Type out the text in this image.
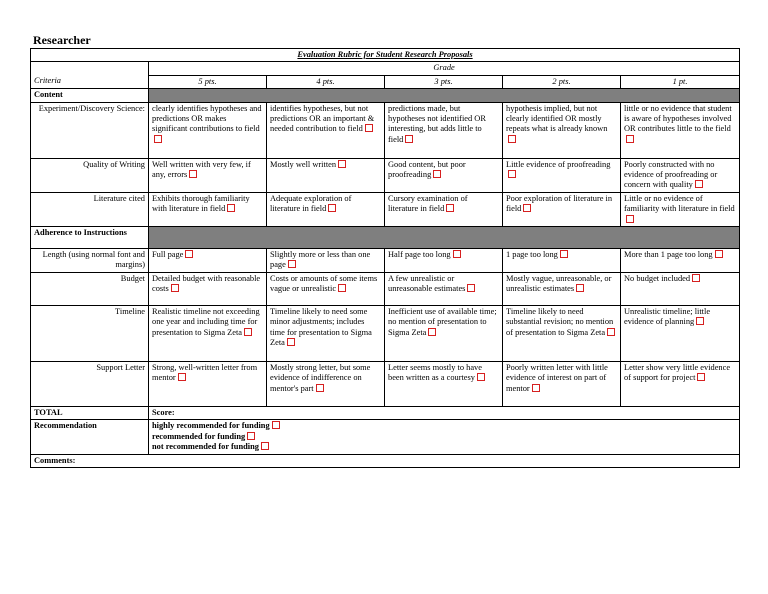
Researcher
Evaluation Rubric for Student Research Proposals					
	Grade				
Criteria	5 pts.	4 pts.	3 pts.	2 pts.	1 pt.
Content					
Experiment/Discovery Science:	clearly identifies hypotheses and predictions OR makes significant contributions to field	identifies hypotheses, but not predictions OR an important & needed contribution to field	predictions made, but hypotheses not identified OR interesting, but adds little to field	hypothesis implied, but not clearly identified OR mostly repeats what is already known	little or no evidence that student is aware of hypotheses involved OR contributes little to the field
Quality of Writing	Well written with very few, if any, errors	Mostly well written	Good content, but poor proofreading	Little evidence of proofreading	Poorly constructed with no evidence of proofreading or concern with quality
Literature cited	Exhibits thorough familiarity with literature in field	Adequate exploration of literature in field	Cursory examination of literature in field	Poor exploration of literature in field	Little or no evidence of familiarity with literature in field
Adherence to Instructions					
Length (using normal font and margins)	Full page	Slightly more or less than one page	Half page too long	1 page too long	More than 1 page too long
Budget	Detailed budget with reasonable costs	Costs or amounts of some items vague or unrealistic	A few unrealistic or unreasonable estimates	Mostly vague, unreasonable, or unrealistic estimates	No budget included
Timeline	Realistic timeline not exceeding one year and including time for presentation to Sigma Zeta	Timeline likely to need some minor adjustments; includes time for presentation to Sigma Zeta	Inefficient use of available time; no mention of presentation to Sigma Zeta	Timeline likely to need substantial revision; no mention of presentation to Sigma Zeta	Unrealistic timeline; little evidence of planning
Support Letter	Strong, well-written letter from mentor	Mostly strong letter, but some evidence of indifference on mentor's part	Letter seems mostly to have been written as a courtesy	Poorly written letter with little evidence of interest on part of mentor	Letter show very little evidence of support for project
TOTAL	Score:				
Recommendation	highly recommended for funding
recommended for funding
not recommended for funding				

Comments:					
